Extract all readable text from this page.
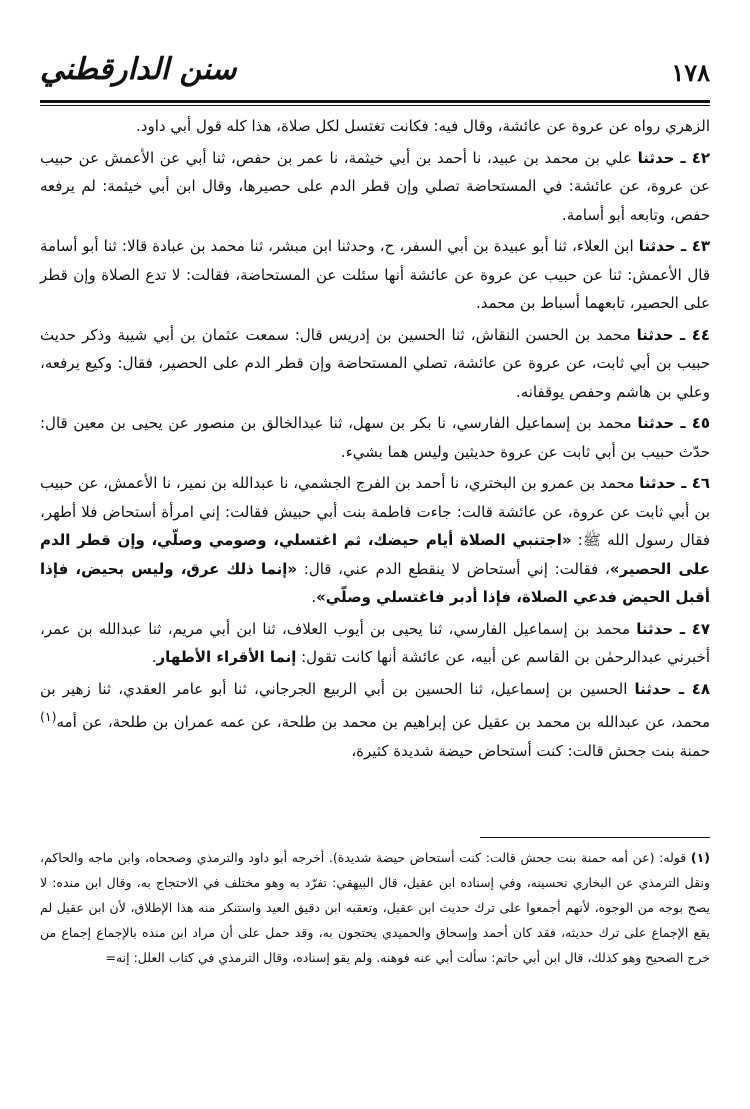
١٧٨
سنن الدارقطني

الزهري رواه عن عروة عن عائشة، وقال فيه: فكانت تغتسل لكل صلاة، هذا كله قول أبي داود.

٤٢ ـ حدثنا علي بن محمد بن عبيد، نا أحمد بن أبي خيثمة، نا عمر بن حفص، ثنا أبي عن الأعمش عن حبيب عن عروة، عن عائشة: في المستحاضة تصلي وإن قطر الدم على حصيرها، وقال ابن أبي خيثمة: لم يرفعه حفص، وتابعه أبو أسامة.

٤٣ ـ حدثنا ابن العلاء، ثنا أبو عبيدة بن أبي السفر، ح، وحدثنا ابن مبشر، ثنا محمد بن عبادة قالا: ثنا أبو أسامة قال الأعمش: ثنا عن حبيب عن عروة عن عائشة أنها سئلت عن المستحاضة، فقالت: لا تدع الصلاة وإن قطر على الحصير، تابعهما أسباط بن محمد.

٤٤ ـ حدثنا محمد بن الحسن النقاش، ثنا الحسين بن إدريس قال: سمعت عثمان بن أبي شيبة وذكر حديث حبيب بن أبي ثابت، عن عروة عن عائشة، تصلي المستحاضة وإن قطر الدم على الحصير، فقال: وكيع يرفعه، وعلي بن هاشم وحفص يوقفانه.

٤٥ ـ حدثنا محمد بن إسماعيل الفارسي، نا بكر بن سهل، ثنا عبدالخالق بن منصور عن يحيى بن معين قال: حدّث حبيب بن أبي ثابت عن عروة حديثين وليس هما بشيء.

٤٦ ـ حدثنا محمد بن عمرو بن البختري، نا أحمد بن الفرج الجشمي، نا عبدالله بن نمير، نا الأعمش، عن حبيب بن أبي ثابت عن عروة، عن عائشة قالت: جاءت فاطمة بنت أبي حبيش فقالت: إني امرأة أستحاض فلا أطهر، فقال رسول الله ﷺ: «اجتنبي الصلاة أيام حيضك، ثم اغتسلي، وصومي وصلّي، وإن قطر الدم على الحصير»، فقالت: إني أستحاض لا ينقطع الدم عني، قال: «إنما ذلك عرق، وليس بحيض، فإذا أقبل الحيض فدعي الصلاة، فإذا أدبر فاغتسلي وصلّي».

٤٧ ـ حدثنا محمد بن إسماعيل الفارسي، ثنا يحيى بن أيوب العلاف، ثنا ابن أبي مريم، ثنا عبدالله بن عمر، أخبرني عبدالرحمٰن بن القاسم عن أبيه، عن عائشة أنها كانت تقول: إنما الأقراء الأطهار.

٤٨ ـ حدثنا الحسين بن إسماعيل، ثنا الحسين بن أبي الربيع الجرجاني، ثنا أبو عامر العقدي، ثنا زهير بن محمد، عن عبدالله بن محمد بن عقيل عن إبراهيم بن محمد بن طلحة، عن عمه عمران بن طلحة، عن أمه$^{(١)}$ حمنة بنت جحش قالت: كنت أستحاض حيضة شديدة كثيرة،

(١) قوله: (عن أمه حمنة بنت جحش قالت: كنت أستحاض حيضة شديدة). أخرجه أبو داود والترمذي وصححاه، وابن ماجه والحاكم، ونقل الترمذي عن البخاري تحسينه، وفي إسناده ابن عقيل، قال البيهقي: تفرّد به وهو مختلف في الاحتجاج به، وقال ابن منده: لا يصح بوجه من الوجوه، لأنهم أجمعوا على ترك حديث ابن عقيل، وتعقبه ابن دقيق العيد واستنكر منه هذا الإطلاق، لأن ابن عقيل لم يقع الإجماع على ترك حديثه، فقد كان أحمد وإسحاق والحميدي يحتجون به، وقد حمل على أن مراد ابن منده بالإجماع إجماع من خرج الصحيح وهو كذلك، قال ابن أبي حاتم: سألت أبي عنه فوهنه. ولم يقو إسناده، وقال الترمذي في كتاب العلل: إنه=
